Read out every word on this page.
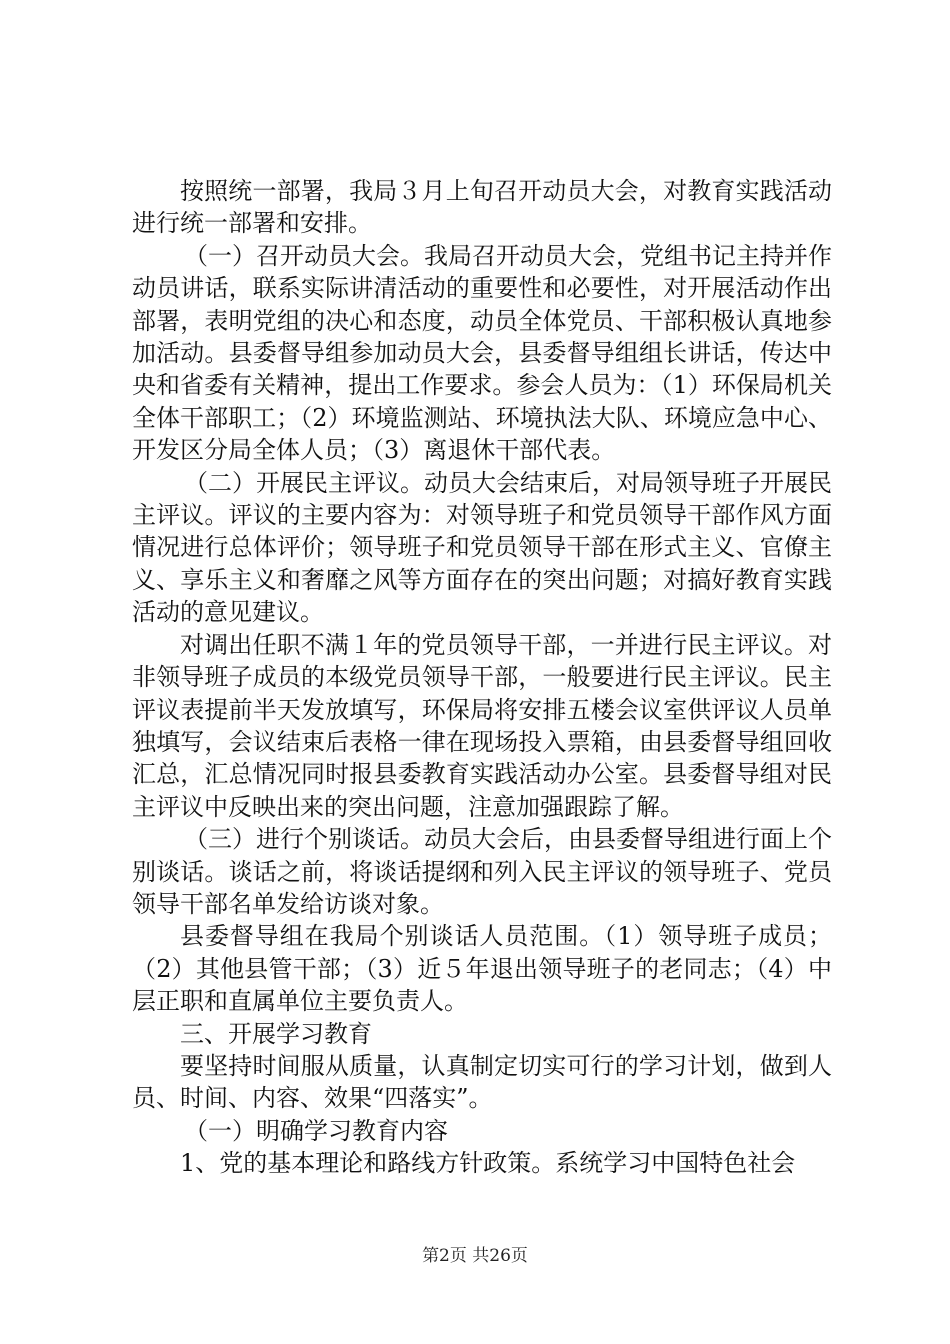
按照统一部署，我局３月上旬召开动员大会，对教育实践活动进行统一部署和安排。

（一）召开动员大会。我局召开动员大会，党组书记主持并作动员讲话，联系实际讲清活动的重要性和必要性，对开展活动作出部署，表明党组的决心和态度，动员全体党员、干部积极认真地参加活动。县委督导组参加动员大会，县委督导组组长讲话，传达中央和省委有关精神，提出工作要求。参会人员为：（1）环保局机关全体干部职工；（2）环境监测站、环境执法大队、环境应急中心、开发区分局全体人员；（3）离退休干部代表。

（二）开展民主评议。动员大会结束后，对局领导班子开展民主评议。评议的主要内容为：对领导班子和党员领导干部作风方面情况进行总体评价；领导班子和党员领导干部在形式主义、官僚主义、享乐主义和奢靡之风等方面存在的突出问题；对搞好教育实践活动的意见建议。

对调出任职不满１年的党员领导干部，一并进行民主评议。对非领导班子成员的本级党员领导干部，一般要进行民主评议。民主评议表提前半天发放填写，环保局将安排五楼会议室供评议人员单独填写，会议结束后表格一律在现场投入票箱，由县委督导组回收汇总，汇总情况同时报县委教育实践活动办公室。县委督导组对民主评议中反映出来的突出问题，注意加强跟踪了解。

（三）进行个别谈话。动员大会后，由县委督导组进行面上个别谈话。谈话之前，将谈话提纲和列入民主评议的领导班子、党员领导干部名单发给访谈对象。

县委督导组在我局个别谈话人员范围。（1）领导班子成员；（2）其他县管干部；（3）近５年退出领导班子的老同志；（4）中层正职和直属单位主要负责人。

三、开展学习教育

要坚持时间服从质量，认真制定切实可行的学习计划，做到人员、时间、内容、效果“四落实”。

（一）明确学习教育内容

1、党的基本理论和路线方针政策。系统学习中国特色社会

第2页 共26页
